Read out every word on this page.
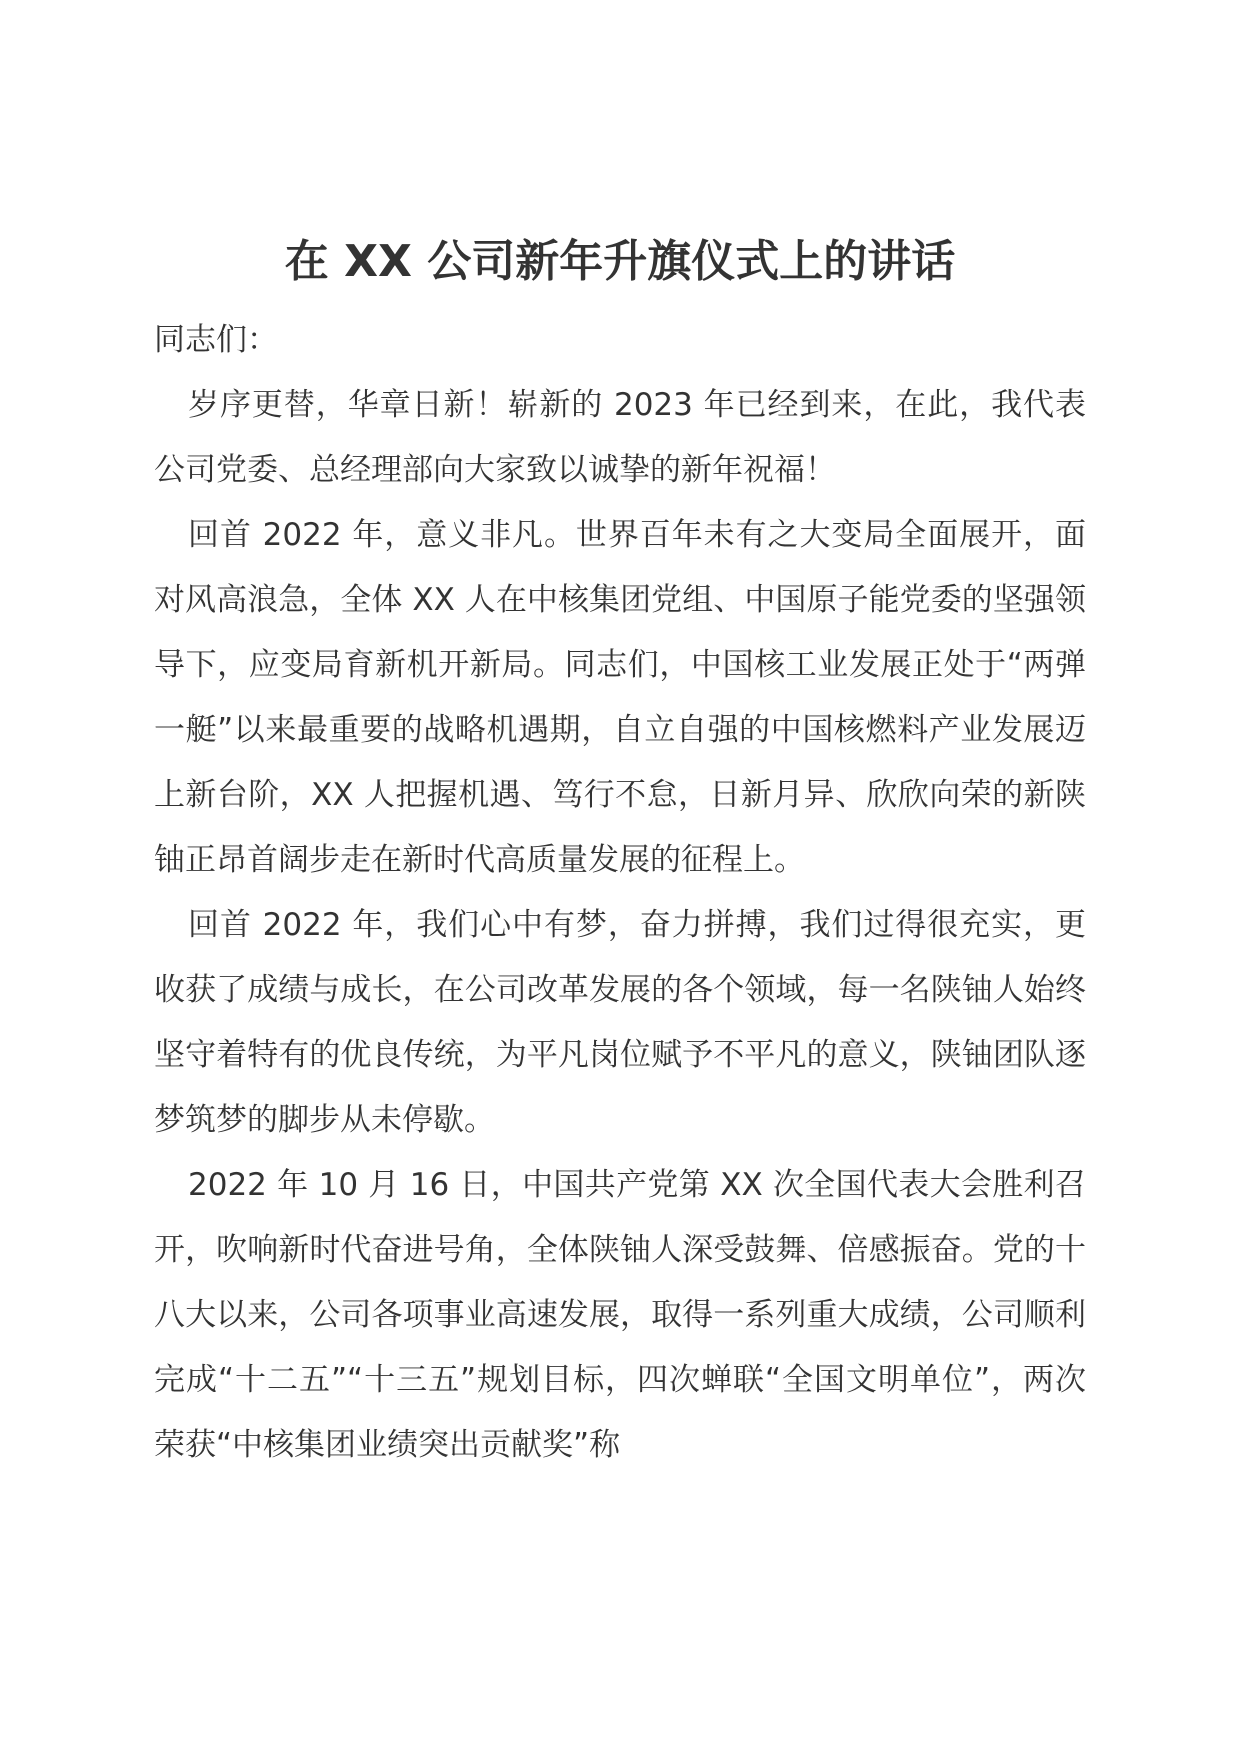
在 XX 公司新年升旗仪式上的讲话

同志们：

岁序更替，华章日新！崭新的 2023 年已经到来，在此，我代表公司党委、总经理部向大家致以诚挚的新年祝福！

回首 2022 年，意义非凡。世界百年未有之大变局全面展开，面对风高浪急，全体 XX 人在中核集团党组、中国原子能党委的坚强领导下，应变局育新机开新局。同志们，中国核工业发展正处于“两弹一艇”以来最重要的战略机遇期，自立自强的中国核燃料产业发展迈上新台阶，XX 人把握机遇、笃行不怠，日新月异、欣欣向荣的新陕铀正昂首阔步走在新时代高质量发展的征程上。

回首 2022 年，我们心中有梦，奋力拼搏，我们过得很充实，更收获了成绩与成长，在公司改革发展的各个领域，每一名陕铀人始终坚守着特有的优良传统，为平凡岗位赋予不平凡的意义，陕铀团队逐梦筑梦的脚步从未停歇。

2022 年 10 月 16 日，中国共产党第 XX 次全国代表大会胜利召开，吹响新时代奋进号角，全体陕铀人深受鼓舞、倍感振奋。党的十八大以来，公司各项事业高速发展，取得一系列重大成绩，公司顺利完成“十二五”“十三五”规划目标，四次蝉联“全国文明单位”，两次荣获“中核集团业绩突出贡献奖”称
